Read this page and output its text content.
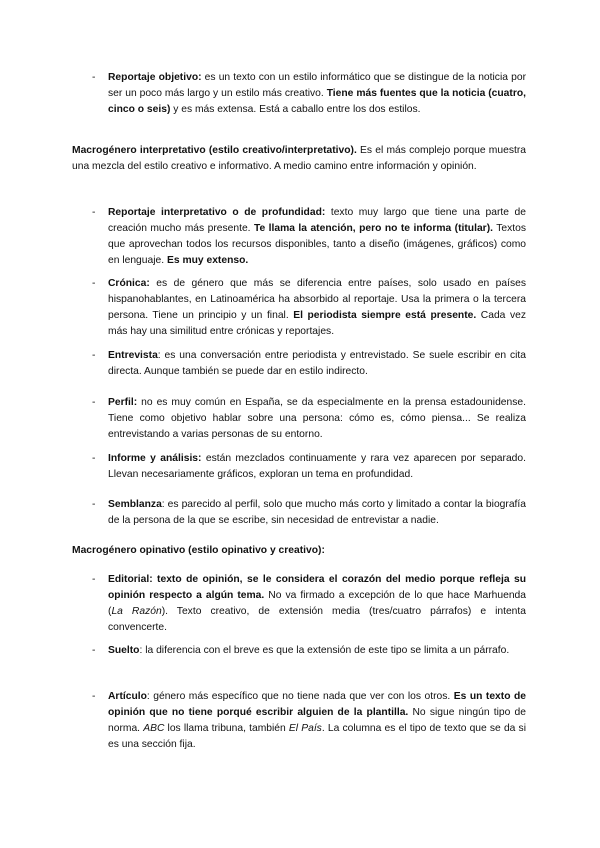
- Reportaje objetivo: es un texto con un estilo informático que se distingue de la noticia por ser un poco más largo y un estilo más creativo. Tiene más fuentes que la noticia (cuatro, cinco o seis) y es más extensa. Está a caballo entre los dos estilos.
Macrogénero interpretativo (estilo creativo/interpretativo). Es el más complejo porque muestra una mezcla del estilo creativo e informativo. A medio camino entre información y opinión.
- Reportaje interpretativo o de profundidad: texto muy largo que tiene una parte de creación mucho más presente. Te llama la atención, pero no te informa (titular). Textos que aprovechan todos los recursos disponibles, tanto a diseño (imágenes, gráficos) como en lenguaje. Es muy extenso.
- Crónica: es de género que más se diferencia entre países, solo usado en países hispanohablantes, en Latinoamérica ha absorbido al reportaje. Usa la primera o la tercera persona. Tiene un principio y un final. El periodista siempre está presente. Cada vez más hay una similitud entre crónicas y reportajes.
- Entrevista: es una conversación entre periodista y entrevistado. Se suele escribir en cita directa. Aunque también se puede dar en estilo indirecto.
- Perfil: no es muy común en España, se da especialmente en la prensa estadounidense. Tiene como objetivo hablar sobre una persona: cómo es, cómo piensa... Se realiza entrevistando a varias personas de su entorno.
- Informe y análisis: están mezclados continuamente y rara vez aparecen por separado. Llevan necesariamente gráficos, exploran un tema en profundidad.
- Semblanza: es parecido al perfil, solo que mucho más corto y limitado a contar la biografía de la persona de la que se escribe, sin necesidad de entrevistar a nadie.
Macrogénero opinativo (estilo opinativo y creativo):
- Editorial: texto de opinión, se le considera el corazón del medio porque refleja su opinión respecto a algún tema. No va firmado a excepción de lo que hace Marhuenda (La Razón). Texto creativo, de extensión media (tres/cuatro párrafos) e intenta convencerte.
- Suelto: la diferencia con el breve es que la extensión de este tipo se limita a un párrafo.
- Artículo: género más específico que no tiene nada que ver con los otros. Es un texto de opinión que no tiene porqué escribir alguien de la plantilla. No sigue ningún tipo de norma. ABC los llama tribuna, también El País. La columna es el tipo de texto que se da si es una sección fija.
